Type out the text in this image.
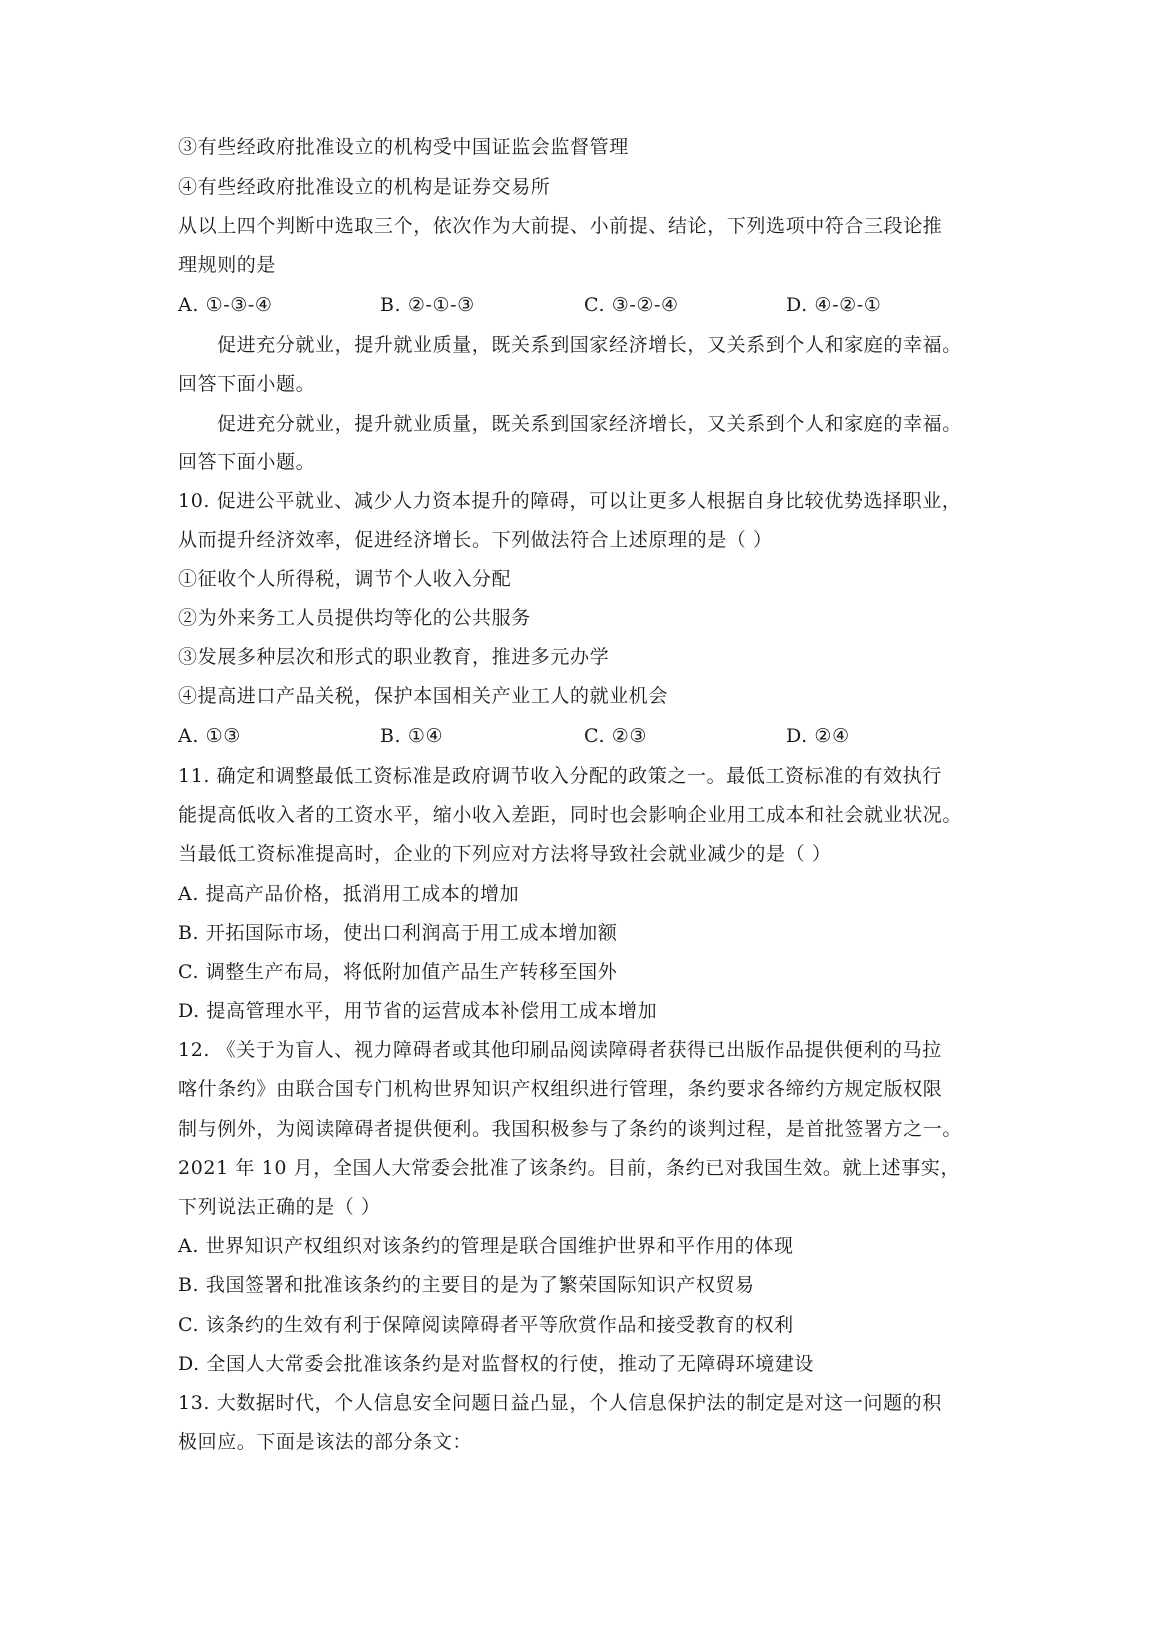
③有些经政府批准设立的机构受中国证监会监督管理
④有些经政府批准设立的机构是证券交易所
从以上四个判断中选取三个，依次作为大前提、小前提、结论，下列选项中符合三段论推
理规则的是
A. ①-③-④	B. ②-①-③	C. ③-②-④	D. ④-②-①
促进充分就业，提升就业质量，既关系到国家经济增长，又关系到个人和家庭的幸福。
回答下面小题。
促进充分就业，提升就业质量，既关系到国家经济增长，又关系到个人和家庭的幸福。
回答下面小题。
10. 促进公平就业、减少人力资本提升的障碍，可以让更多人根据自身比较优势选择职业，
从而提升经济效率，促进经济增长。下列做法符合上述原理的是（ ）
①征收个人所得税，调节个人收入分配
②为外来务工人员提供均等化的公共服务
③发展多种层次和形式的职业教育，推进多元办学
④提高进口产品关税，保护本国相关产业工人的就业机会
A. ①③	B. ①④	C. ②③	D. ②④
11. 确定和调整最低工资标准是政府调节收入分配的政策之一。最低工资标准的有效执行
能提高低收入者的工资水平，缩小收入差距，同时也会影响企业用工成本和社会就业状况。
当最低工资标准提高时，企业的下列应对方法将导致社会就业减少的是（ ）
A. 提高产品价格，抵消用工成本的增加
B. 开拓国际市场，使出口利润高于用工成本增加额
C. 调整生产布局，将低附加值产品生产转移至国外
D. 提高管理水平，用节省的运营成本补偿用工成本增加
12. 《关于为盲人、视力障碍者或其他印刷品阅读障碍者获得已出版作品提供便利的马拉
喀什条约》由联合国专门机构世界知识产权组织进行管理，条约要求各缔约方规定版权限
制与例外，为阅读障碍者提供便利。我国积极参与了条约的谈判过程，是首批签署方之一。
2021 年 10 月，全国人大常委会批准了该条约。目前，条约已对我国生效。就上述事实，
下列说法正确的是（ ）
A. 世界知识产权组织对该条约的管理是联合国维护世界和平作用的体现
B. 我国签署和批准该条约的主要目的是为了繁荣国际知识产权贸易
C. 该条约的生效有利于保障阅读障碍者平等欣赏作品和接受教育的权利
D. 全国人大常委会批准该条约是对监督权的行使，推动了无障碍环境建设
13. 大数据时代，个人信息安全问题日益凸显，个人信息保护法的制定是对这一问题的积
极回应。下面是该法的部分条文：
